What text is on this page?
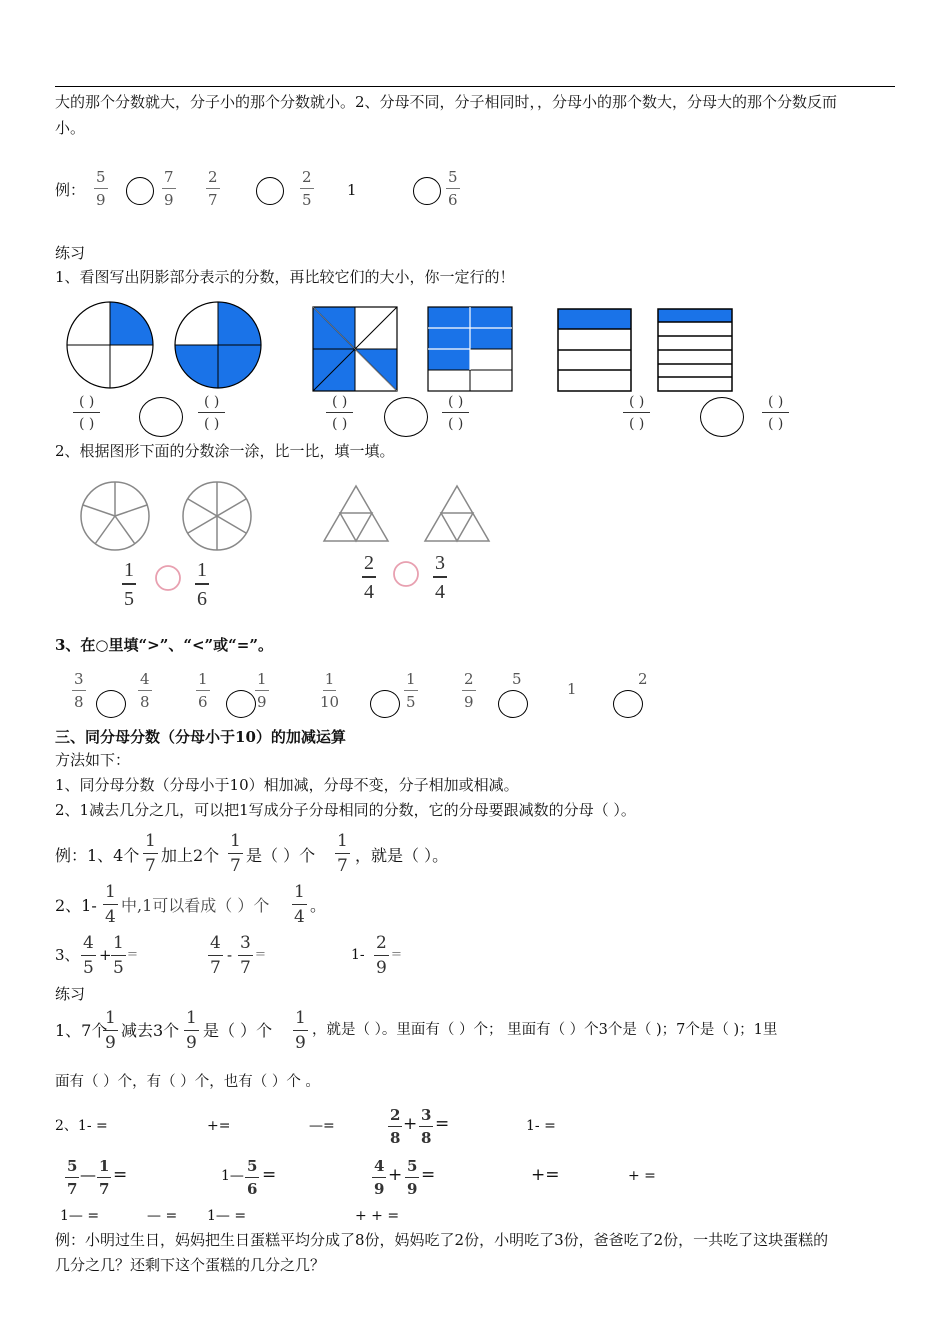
大的那个分数就大，分子小的那个分数就小。2、分母不同，分子相同时，，分母小的那个数大，分母大的那个分数反而
小。
例： $\frac{5}{9}$	$\frac{7}{9} \frac{2}{7}$	$\frac{2}{5} 1$	$\frac{5}{6}$
练习
1、看图写出阴影部分表示的分数，再比较它们的大小，你一定行的！
( )
( )
( )
( )
( )
( )
( )
( )
( )
( )
( )
( )
2、根据图形下面的分数涂一涂，比一比，填一填。
$\frac{1}{5}$	$\frac{1}{6}$	$\frac{2}{4}$	$\frac{3}{4}$
3、在○里填“>”、“<”或“=”。
$\frac{3}{8}$	$\frac{4}{8}$	$\frac{1}{6}$	$\frac{1}{9}$	$\frac{1}{10}$	$\frac{1}{5}$	$\frac{2}{9} 5$
1
2
三、同分母分数（分母小于10）的加减运算
方法如下：
1、同分母分数（分母小于10）相加减，分母不变，分子相加或相减。
2、1减去几分之几，可以把1写成分子分母相同的分数，它的分母要跟减数的分母（ ）。
例：1、4个 $\frac{1}{7}$ 加上2个 $\frac{1}{7}$ 是（ ）个 $\frac{1}{7}$ ，就是（ ）。
2、$1- \frac{1}{4}$ 中,1可以看成（ ）个 $\frac{1}{4}$ 。
3、 $\frac{4}{5} + \frac{1}{5}$ =	$\frac{4}{7} - \frac{3}{7}$ =	$1- \frac{2}{9}$ =
练习
1、7个
$\frac{1}{9}$ 减去3个 $\frac{1}{9}$ 是（ ）个 $\frac{1}{9}$ ，就是（ ）。里面有（ ）个； 里面有（ ）个3个是（ )；7个是（ )；1里
面有（ ）个，有（ ）个，也有（ ）个 。
2、1- =	+=	—=	$\frac{2}{8} + \frac{3}{8}$ =	1- =
$\frac{5}{7}$ — $\frac{1}{7}$ =	1— $\frac{5}{6}$ =	$\frac{4}{9} + \frac{5}{9}$ =	+=	+ =
1— =	— = 1— =	+ + =
例：小明过生日，妈妈把生日蛋糕平均分成了8份，妈妈吃了2份，小明吃了3份，爸爸吃了2份，一共吃了这块蛋糕的
几分之几？还剩下这个蛋糕的几分之几？
